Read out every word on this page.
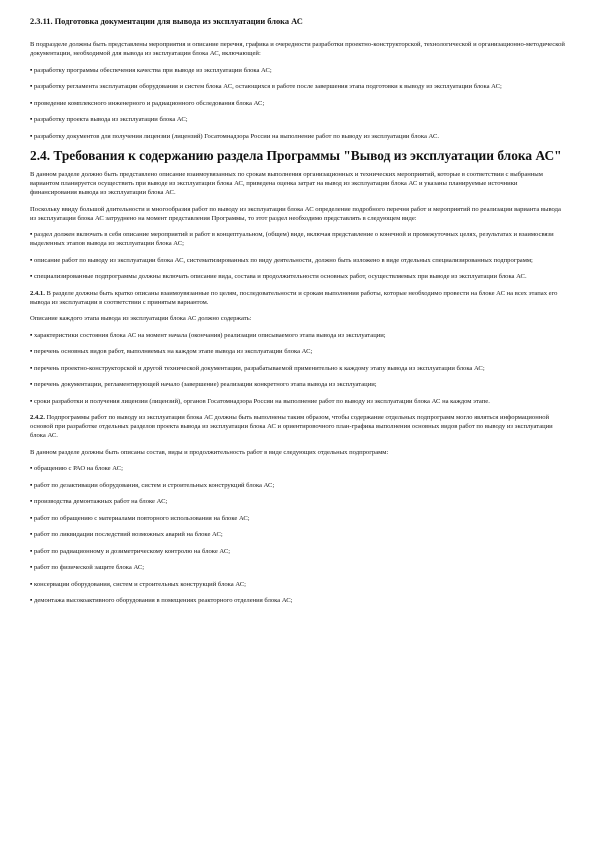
2.3.11. Подготовка документации для вывода из эксплуатации блока АС
В подразделе должны быть представлены мероприятия и описание перечня, графика и очередности разработки проектно-конструкторской, технологической и организационно-методической документации, необходимой для вывода из эксплуатации блока АС, включающей:
▪ разработку программы обеспечения качества при выводе из эксплуатации блока АС;
▪ разработку регламента эксплуатации оборудования и систем блока АС, остающихся в работе после завершения этапа подготовки к выводу из эксплуатации блока АС;
▪ проведение комплексного инженерного и радиационного обследования блока АС;
▪ разработку проекта вывода из эксплуатации блока АС;
▪ разработку документов для получения лицензии (лицензий) Госатомнадзора России на выполнение работ по выводу из эксплуатации блока АС.
2.4. Требования к содержанию раздела Программы "Вывод из эксплуатации блока АС"
В данном разделе должно быть представлено описание взаимоувязанных по срокам выполнения организационных и технических мероприятий, которые в соответствии с выбранным вариантом планируется осуществить при выводе из эксплуатации блока АС, приведена оценка затрат на вывод из эксплуатации блока АС и указаны планируемые источники финансирования вывода из эксплуатации блока АС.
Поскольку ввиду большой длительности и многообразия работ по выводу из эксплуатации блока АС определение подробного перечня работ и мероприятий по реализации варианта вывода из эксплуатации блока АС затруднено на момент представления Программы, то этот раздел необходимо представлять в следующем виде:
▪ раздел должен включать в себя описание мероприятий и работ в концептуальном, (общем) виде, включая представление о конечной и промежуточных целях, результатах и взаимосвязи выделенных этапов вывода из эксплуатации блока АС;
▪ описание работ по выводу из эксплуатации блока АС, систематизированных по виду деятельности, должно быть изложено в виде отдельных специализированных подпрограмм;
▪ специализированные подпрограммы должны включать описание вида, состава и продолжительности основных работ, осуществляемых при выводе из эксплуатации блока АС.
2.4.1. В разделе должны быть кратко описаны взаимоувязанные по целям, последовательности и срокам выполнения работы, которые необходимо провести на блоке АС на всех этапах его вывода из эксплуатации в соответствии с принятым вариантом.
Описание каждого этапа вывода из эксплуатации блока АС должно содержать:
▪ характеристики состояния блока АС на момент начала (окончания) реализации описываемого этапа вывода из эксплуатации;
▪ перечень основных видов работ, выполняемых на каждом этапе вывода из эксплуатации блока АС;
▪ перечень проектно-конструкторской и другой технической документации, разрабатываемой применительно к каждому этапу вывода из эксплуатации блока АС;
▪ перечень документации, регламентирующей начало (завершение) реализации конкретного этапа вывода из эксплуатации;
▪ сроки разработки и получения лицензии (лицензий), органов Госатомнадзора России на выполнение работ по выводу из эксплуатации блока АС на каждом этапе.
2.4.2. Подпрограммы работ по выводу из эксплуатации блока АС должны быть выполнены таким образом, чтобы содержание отдельных подпрограмм могло являться информационной основой при разработке отдельных разделов проекта вывода из эксплуатации блока АС и ориентировочного план-графика выполнения основных видов работ по выводу из эксплуатации блока АС.
В данном разделе должны быть описаны состав, виды и продолжительность работ в виде следующих отдельных подпрограмм:
▪ обращению с РАО на блоке АС;
▪ работ по дезактивации оборудования, систем и строительных конструкций блока АС;
▪ производства демонтажных работ на блоке АС;
▪ работ по обращению с материалами повторного использования на блоке АС;
▪ работ по ликвидации последствий возможных аварий на блоке АС;
▪ работ по радиационному и дозиметрическому контролю на блоке АС;
▪ работ по физической защите блока АС;
▪ консервации оборудования, систем и строительных конструкций блока АС;
▪ демонтажа высокоактивного оборудования в помещениях реакторного отделения блока АС;
